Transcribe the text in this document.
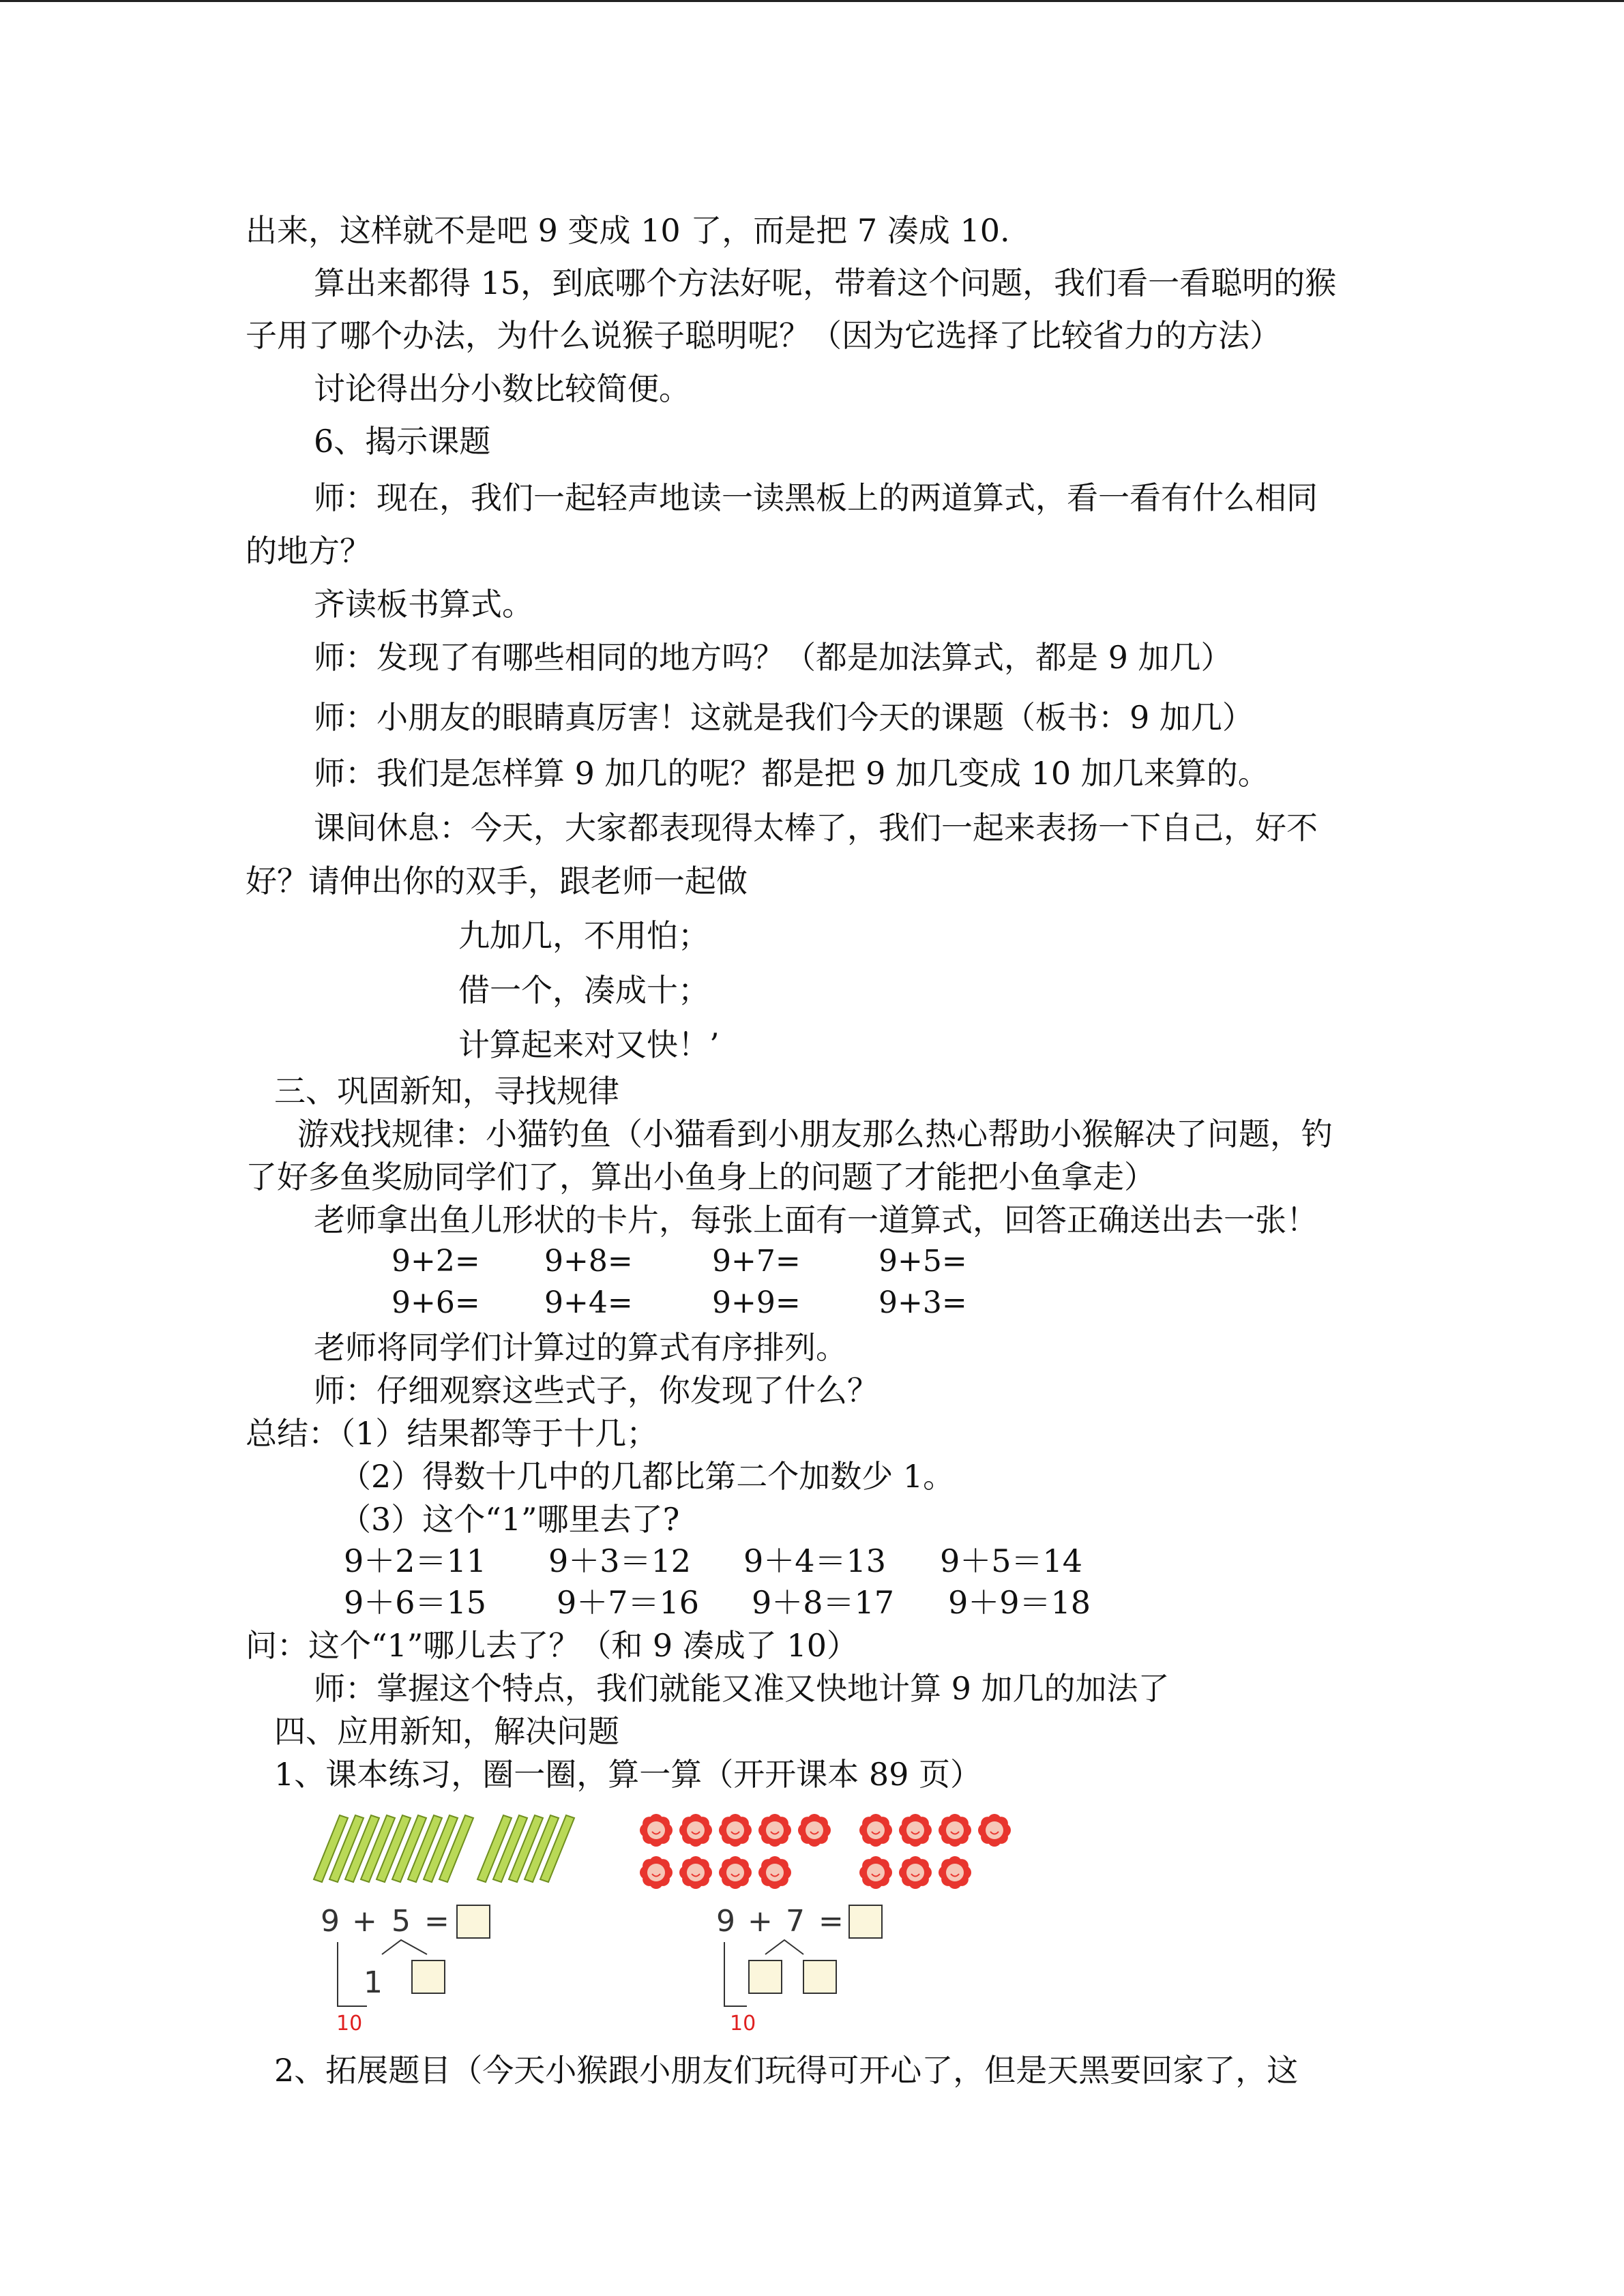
出来，这样就不是吧 9 变成 10 了，而是把 7 凑成 10.
算出来都得 15，到底哪个方法好呢，带着这个问题，我们看一看聪明的猴
子用了哪个办法，为什么说猴子聪明呢？（因为它选择了比较省力的方法）
讨论得出分小数比较简便。
6、揭示课题
师：现在，我们一起轻声地读一读黑板上的两道算式，看一看有什么相同
的地方？
齐读板书算式。
师：发现了有哪些相同的地方吗？（都是加法算式，都是 9 加几）
师：小朋友的眼睛真厉害！这就是我们今天的课题（板书：9 加几）
师：我们是怎样算 9 加几的呢？都是把 9 加几变成 10 加几来算的。
课间休息：今天，大家都表现得太棒了，我们一起来表扬一下自己，好不
好？请伸出你的双手，跟老师一起做
九加几，不用怕；
借一个，凑成十；
计算起来对又快！’
三、巩固新知，寻找规律
游戏找规律：小猫钓鱼（小猫看到小朋友那么热心帮助小猴解决了问题，钓
了好多鱼奖励同学们了，算出小鱼身上的问题了才能把小鱼拿走）
老师拿出鱼儿形状的卡片，每张上面有一道算式，回答正确送出去一张！
9+2= 9+8=	9+7=	9+5=
9+6= 9+4=	9+9=	9+3=
老师将同学们计算过的算式有序排列。
师：仔细观察这些式子，你发现了什么？
总结：（1）结果都等于十几；
（2）得数十几中的几都比第二个加数少 1。
（3）这个“1”哪里去了?
9＋2＝11 9＋3＝12 9＋4＝13 9＋5＝14
9＋6＝15 9＋7＝16 9＋8＝17 9＋9＝18
问：这个“1”哪儿去了？（和 9 凑成了 10）
师：掌握这个特点，我们就能又准又快地计算 9 加几的加法了
四、应用新知，解决问题
1、课本练习，圈一圈，算一算（开开课本 89 页）
9 + 5 =
1
10
9 + 7 =
10
2、拓展题目（今天小猴跟小朋友们玩得可开心了，但是天黑要回家了，这
